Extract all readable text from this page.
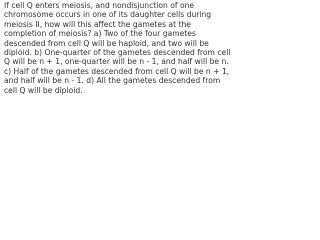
If cell Q enters meiosis, and nondisjunction of one chromosome occurs in one of its daughter cells during meiosis II, how will this affect the gametes at the completion of meiosis? a) Two of the four gametes descended from cell Q will be haploid, and two will be diploid. b) One-quarter of the gametes descended from cell Q will be n + 1, one-quarter will be n - 1, and half will be n. c) Half of the gametes descended from cell Q will be n + 1, and half will be n - 1. d) All the gametes descended from cell Q will be diploid.
